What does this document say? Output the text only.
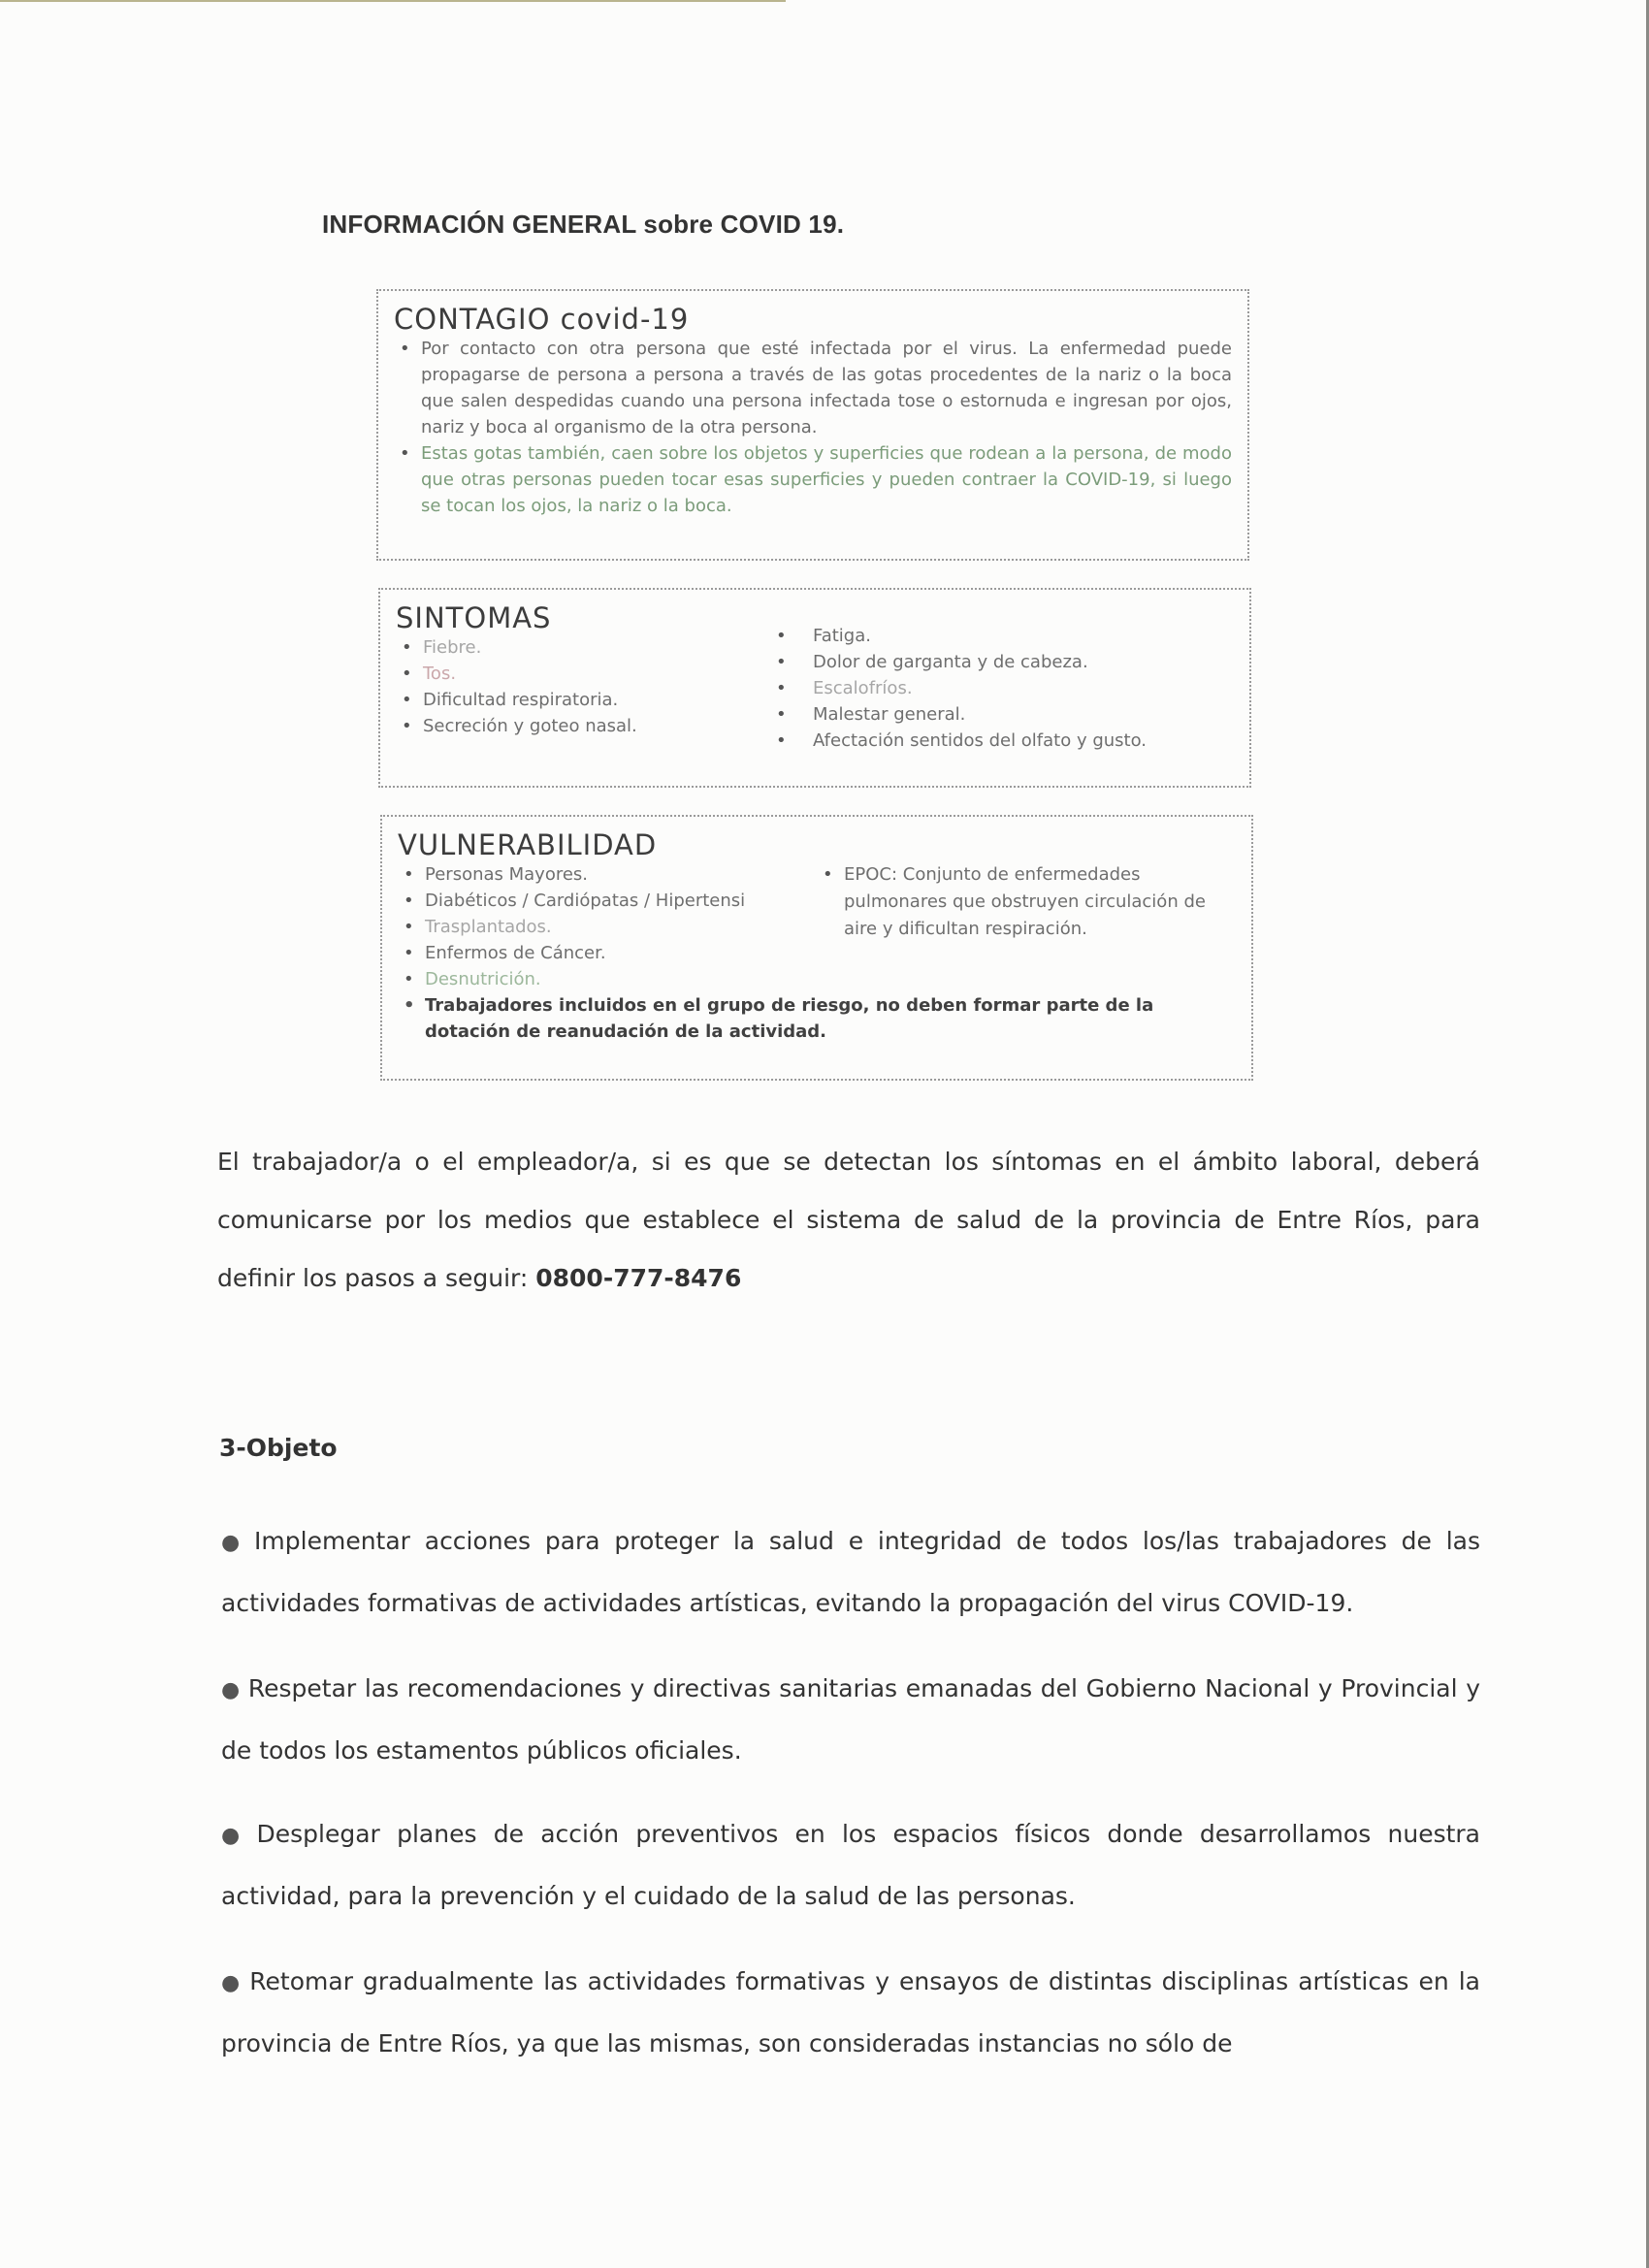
INFORMACIÓN GENERAL sobre COVID 19.
CONTAGIO covid-19
• Por contacto con otra persona que esté infectada por el virus. La enfermedad puede propagarse de persona a persona a través de las gotas procedentes de la nariz o la boca que salen despedidas cuando una persona infectada tose o estornuda e ingresan por ojos, nariz y boca al organismo de la otra persona.
• Estas gotas también, caen sobre los objetos y superficies que rodean a la persona, de modo que otras personas pueden tocar esas superficies y pueden contraer la COVID-19, si luego se tocan los ojos, la nariz o la boca.
SINTOMAS
• Fiebre.
• Tos.
• Dificultad respiratoria.
• Secreción y goteo nasal.
• Fatiga.
• Dolor de garganta y de cabeza.
• Escalofríos.
• Malestar general.
• Afectación sentidos del olfato y gusto.
VULNERABILIDAD
• Personas Mayores.
• Diabéticos / Cardiópatas / Hipertensi
• Trasplantados.
• Enfermos de Cáncer.
• Desnutrición.
• EPOC: Conjunto de enfermedades pulmonares que obstruyen circulación de aire y dificultan respiración.
• Trabajadores incluidos en el grupo de riesgo, no deben formar parte de la dotación de reanudación de la actividad.
El trabajador/a o el empleador/a, si es que se detectan los síntomas en el ámbito laboral, deberá comunicarse por los medios que establece el sistema de salud de la provincia de Entre Ríos, para definir los pasos a seguir: 0800-777-8476
3-Objeto
● Implementar acciones para proteger la salud e integridad de todos los/las trabajadores de las actividades formativas de actividades artísticas, evitando la propagación del virus COVID-19.
● Respetar las recomendaciones y directivas sanitarias emanadas del Gobierno Nacional y Provincial y de todos los estamentos públicos oficiales.
● Desplegar planes de acción preventivos en los espacios físicos donde desarrollamos nuestra actividad, para la prevención y el cuidado de la salud de las personas.
● Retomar gradualmente las actividades formativas y ensayos de distintas disciplinas artísticas en la provincia de Entre Ríos, ya que las mismas, son consideradas instancias no sólo de
